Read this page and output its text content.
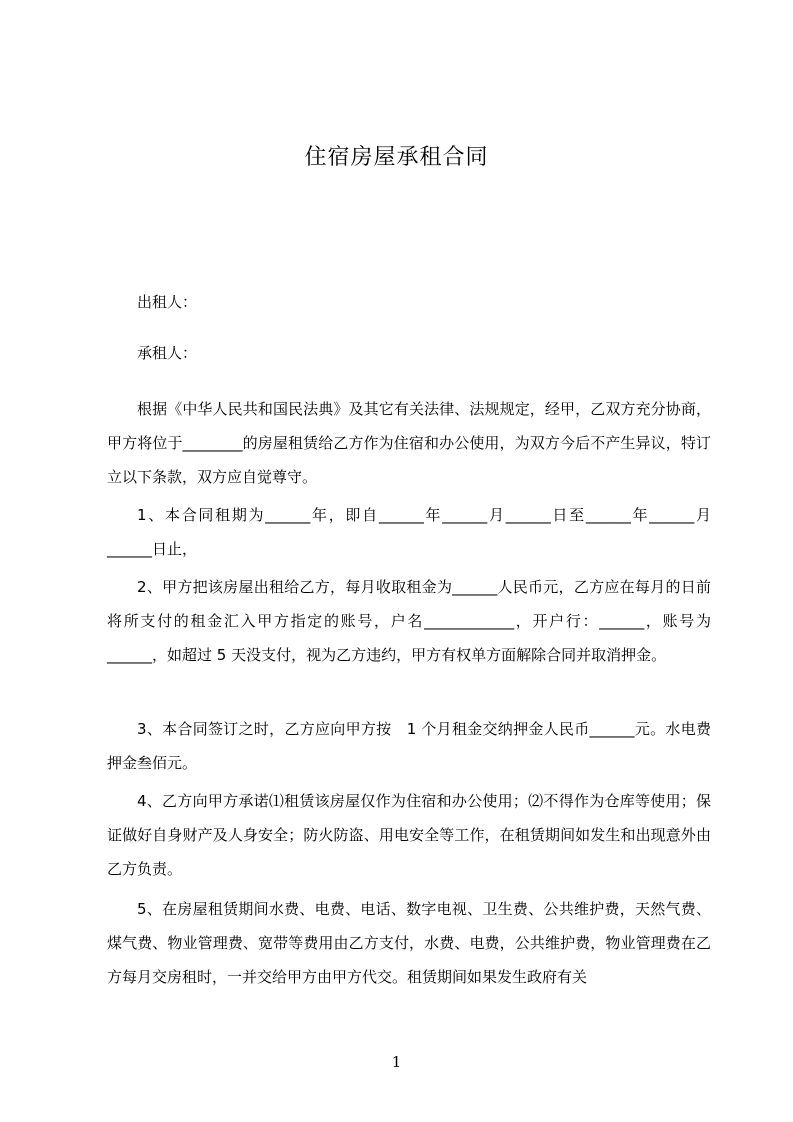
住宿房屋承租合同

出租人：

承租人：

根据《中华人民共和国民法典》及其它有关法律、法规规定，经甲，乙双方充分协商，甲方将位于________的房屋租赁给乙方作为住宿和办公使用，为双方今后不产生异议，特订立以下条款，双方应自觉尊守。

1、本合同租期为______年，即自______年______月______日至______年______月______日止，

2、甲方把该房屋出租给乙方，每月收取租金为______人民币元，乙方应在每月的日前将所支付的租金汇入甲方指定的账号，户名____________，开户行：______，账号为______，如超过 5 天没支付，视为乙方违约，甲方有权单方面解除合同并取消押金。

3、本合同签订之时，乙方应向甲方按　1 个月租金交纳押金人民币______元。水电费押金叁佰元。

4、乙方向甲方承诺⑴租赁该房屋仅作为住宿和办公使用；⑵不得作为仓库等使用；保证做好自身财产及人身安全；防火防盗、用电安全等工作，在租赁期间如发生和出现意外由乙方负责。

5、在房屋租赁期间水费、电费、电话、数字电视、卫生费、公共维护费，天然气费、煤气费、物业管理费、宽带等费用由乙方支付，水费、电费，公共维护费，物业管理费在乙方每月交房租时，一并交给甲方由甲方代交。租赁期间如果发生政府有关

1
